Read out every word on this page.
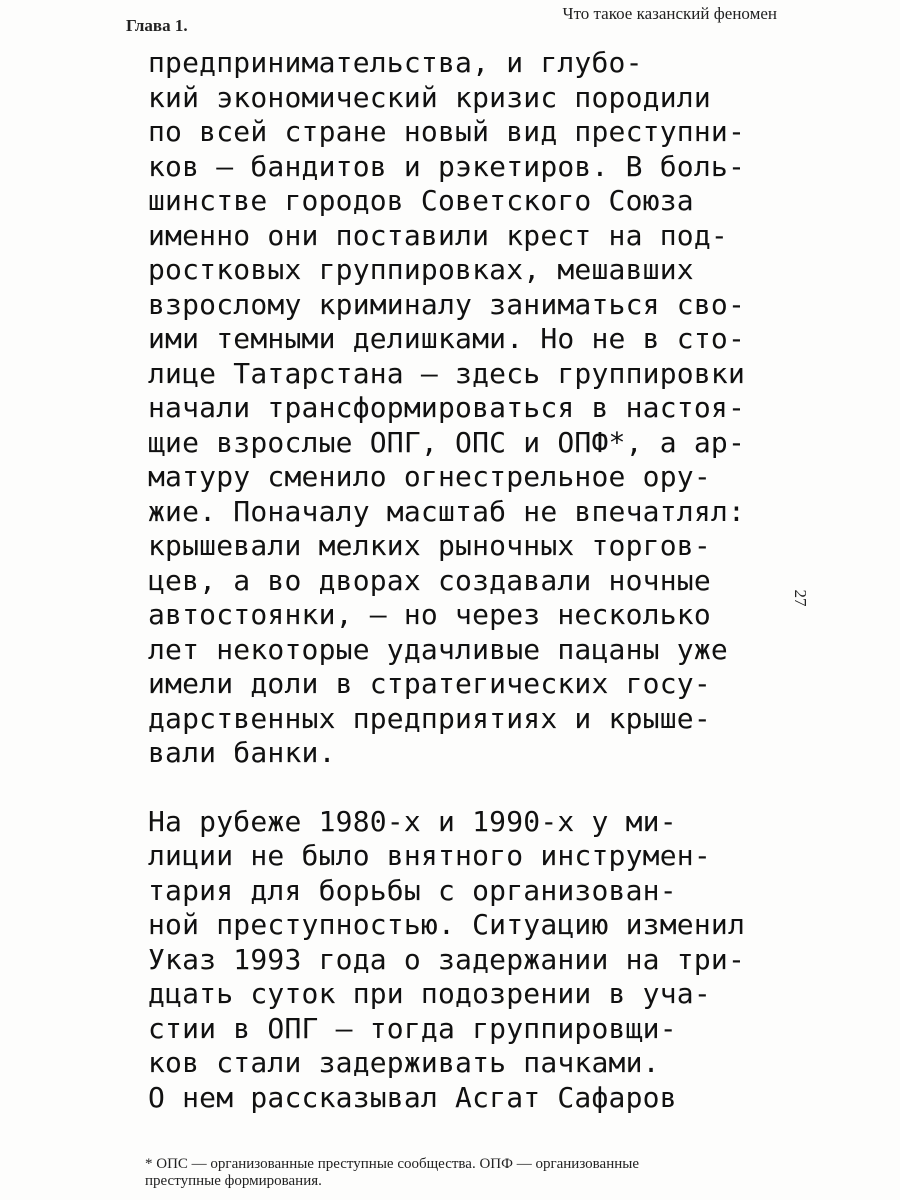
Глава 1.
Что такое казанский феномен
предпринимательства, и глубо-
кий экономический кризис породили
по всей стране новый вид преступни-
ков — бандитов и рэкетиров. В боль-
шинстве городов Советского Союза
именно они поставили крест на под-
ростковых группировках, мешавших
взрослому криминалу заниматься сво-
ими темными делишками. Но не в сто-
лице Татарстана — здесь группировки
начали трансформироваться в настоя-
щие взрослые ОПГ, ОПС и ОПФ*, а ар-
матуру сменило огнестрельное ору-
жие. Поначалу масштаб не впечатлял:
крышевали мелких рыночных торгов-
цев, а во дворах создавали ночные
автостоянки, — но через несколько
лет некоторые удачливые пацаны уже
имели доли в стратегических госу-
дарственных предприятиях и крыше-
вали банки.
На рубеже 1980-х и 1990-х у ми-
лиции не было внятного инструмен-
тария для борьбы с организован-
ной преступностью. Ситуацию изменил
Указ 1993 года о задержании на три-
дцать суток при подозрении в уча-
стии в ОПГ — тогда группировщи-
ков стали задерживать пачками.
О нем рассказывал Асгат Сафаров
27
* ОПС — организованные преступные сообщества. ОПФ — организованные
преступные формирования.
